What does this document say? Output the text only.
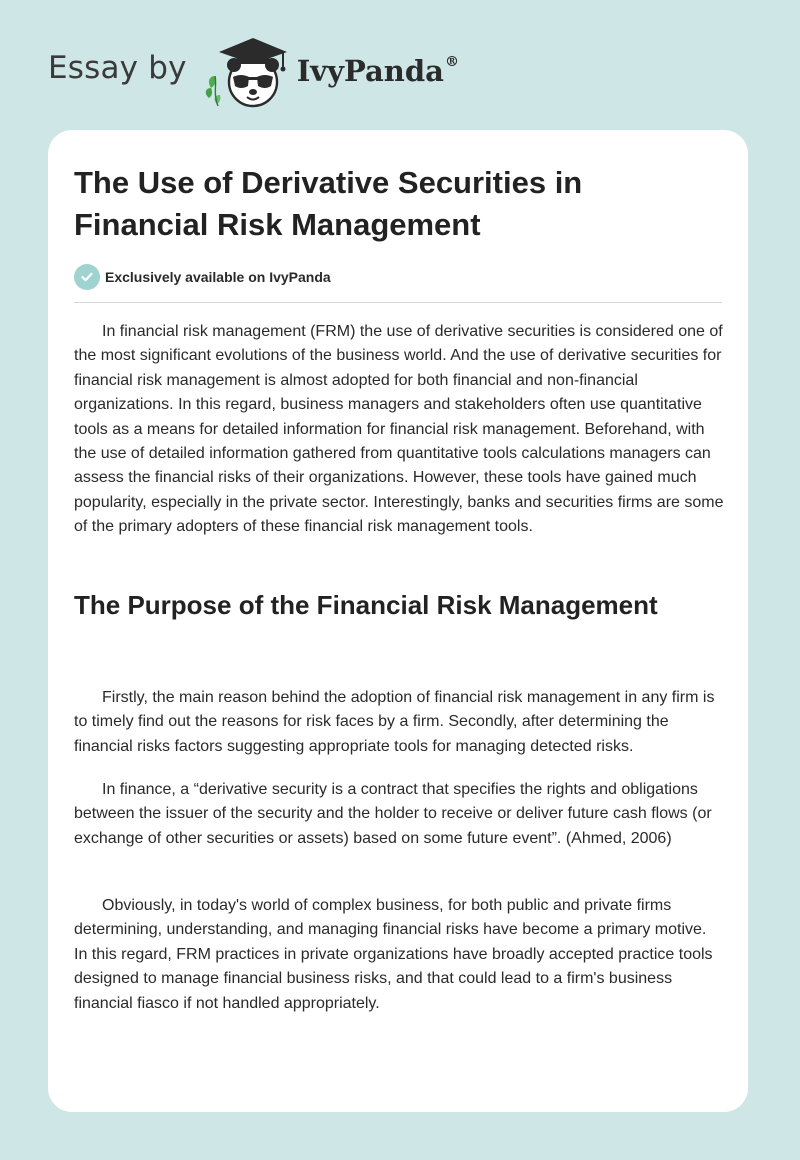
Essay by	IvyPanda®
The Use of Derivative Securities in Financial Risk Management
Exclusively available on IvyPanda

In financial risk management (FRM) the use of derivative securities is considered one of the most significant evolutions of the business world. And the use of derivative securities for financial risk management is almost adopted for both financial and non-financial organizations. In this regard, business managers and stakeholders often use quantitative tools as a means for detailed information for financial risk management. Beforehand, with the use of detailed information gathered from quantitative tools calculations managers can assess the financial risks of their organizations. However, these tools have gained much popularity, especially in the private sector. Interestingly, banks and securities firms are some of the primary adopters of these financial risk management tools.

The Purpose of the Financial Risk Management

Firstly, the main reason behind the adoption of financial risk management in any firm is to timely find out the reasons for risk faces by a firm. Secondly, after determining the financial risks factors suggesting appropriate tools for managing detected risks.

In finance, a “derivative security is a contract that specifies the rights and obligations between the issuer of the security and the holder to receive or deliver future cash flows (or exchange of other securities or assets) based on some future event”. (Ahmed, 2006)

Obviously, in today's world of complex business, for both public and private firms determining, understanding, and managing financial risks have become a primary motive. In this regard, FRM practices in private organizations have broadly accepted practice tools designed to manage financial business risks, and that could lead to a firm's business financial fiasco if not handled appropriately.
